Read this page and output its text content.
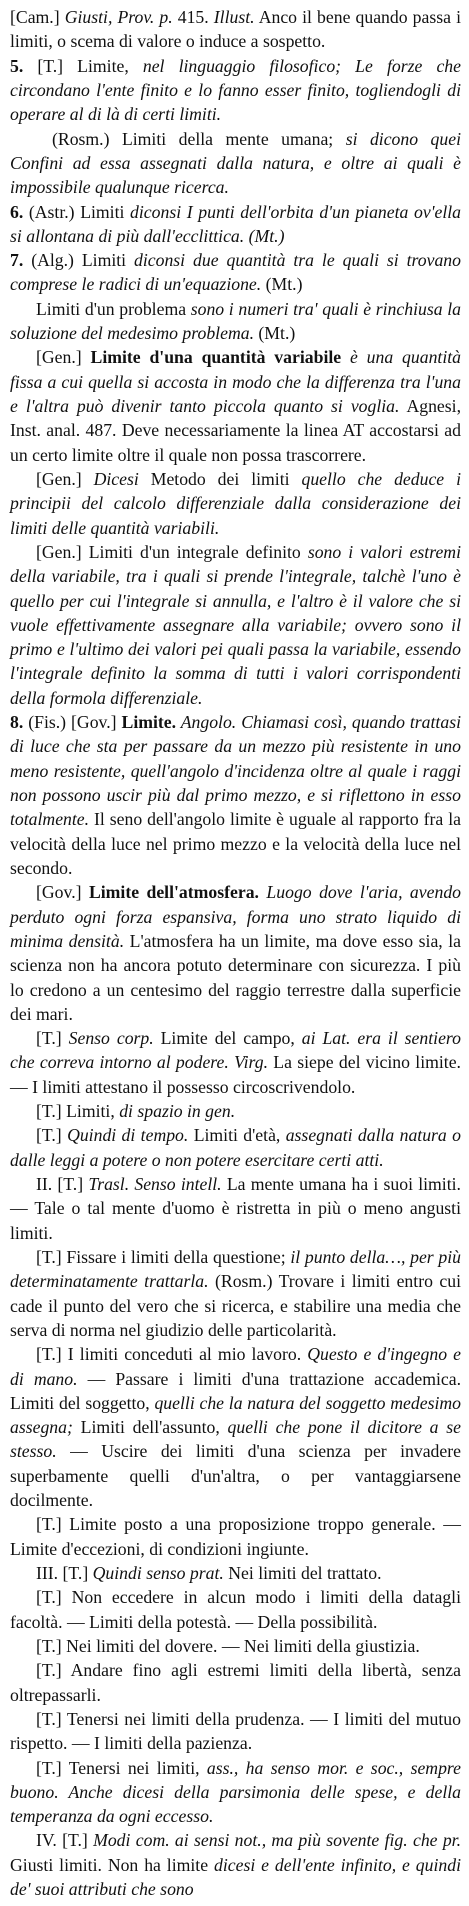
[Cam.] Giusti, Prov. p. 415. Illust. Anco il bene quando passa i limiti, o scema di valore o induce a sospetto.

5. [T.] Limite, nel linguaggio filosofico; Le forze che circondano l'ente finito e lo fanno esser finito, togliendogli di operare al di là di certi limiti.

(Rosm.) Limiti della mente umana; si dicono quei Confini ad essa assegnati dalla natura, e oltre ai quali è impossibile qualunque ricerca.

6. (Astr.) Limiti diconsi I punti dell'orbita d'un pianeta ov'ella si allontana di più dall'ecclittica. (Mt.)

7. (Alg.) Limiti diconsi due quantità tra le quali si trovano comprese le radici di un'equazione. (Mt.)

Limiti d'un problema sono i numeri tra' quali è rinchiusa la soluzione del medesimo problema. (Mt.)

[Gen.] Limite d'una quantità variabile è una quantità fissa a cui quella si accosta in modo che la differenza tra l'una e l'altra può divenir tanto piccola quanto si voglia. Agnesi, Inst. anal. 487. Deve necessariamente la linea AT accostarsi ad un certo limite oltre il quale non possa trascorrere.

[Gen.] Dicesi Metodo dei limiti quello che deduce i principii del calcolo differenziale dalla considerazione dei limiti delle quantità variabili.

[Gen.] Limiti d'un integrale definito sono i valori estremi della variabile, tra i quali si prende l'integrale, talchè l'uno è quello per cui l'integrale si annulla, e l'altro è il valore che si vuole effettivamente assegnare alla variabile; ovvero sono il primo e l'ultimo dei valori pei quali passa la variabile, essendo l'integrale definito la somma di tutti i valori corrispondenti della formola differenziale.

8. (Fis.) [Gov.] Limite. Angolo. Chiamasi così, quando trattasi di luce che sta per passare da un mezzo più resistente in uno meno resistente, quell'angolo d'incidenza oltre al quale i raggi non possono uscir più dal primo mezzo, e si riflettono in esso totalmente. Il seno dell'angolo limite è uguale al rapporto fra la velocità della luce nel primo mezzo e la velocità della luce nel secondo.

[Gov.] Limite dell'atmosfera. Luogo dove l'aria, avendo perduto ogni forza espansiva, forma uno strato liquido di minima densità. L'atmosfera ha un limite, ma dove esso sia, la scienza non ha ancora potuto determinare con sicurezza. I più lo credono a un centesimo del raggio terrestre dalla superficie dei mari.

[T.] Senso corp. Limite del campo, ai Lat. era il sentiero che correva intorno al podere. Virg. La siepe del vicino limite. — I limiti attestano il possesso circoscrivendolo.

[T.] Limiti, di spazio in gen.

[T.] Quindi di tempo. Limiti d'età, assegnati dalla natura o dalle leggi a potere o non potere esercitare certi atti.

II. [T.] Trasl. Senso intell. La mente umana ha i suoi limiti. — Tale o tal mente d'uomo è ristretta in più o meno angusti limiti.

[T.] Fissare i limiti della questione; il punto della…, per più determinatamente trattarla. (Rosm.) Trovare i limiti entro cui cade il punto del vero che si ricerca, e stabilire una media che serva di norma nel giudizio delle particolarità.

[T.] I limiti conceduti al mio lavoro. Questo e d'ingegno e di mano. — Passare i limiti d'una trattazione accademica. Limiti del soggetto, quelli che la natura del soggetto medesimo assegna; Limiti dell'assunto, quelli che pone il dicitore a se stesso. — Uscire dei limiti d'una scienza per invadere superbamente quelli d'un'altra, o per vantaggiarsene docilmente.

[T.] Limite posto a una proposizione troppo generale. — Limite d'eccezioni, di condizioni ingiunte.

III. [T.] Quindi senso prat. Nei limiti del trattato.

[T.] Non eccedere in alcun modo i limiti della datagli facoltà. — Limiti della potestà. — Della possibilità.

[T.] Nei limiti del dovere. — Nei limiti della giustizia.

[T.] Andare fino agli estremi limiti della libertà, senza oltrepassarli.

[T.] Tenersi nei limiti della prudenza. — I limiti del mutuo rispetto. — I limiti della pazienza.

[T.] Tenersi nei limiti, ass., ha senso mor. e soc., sempre buono. Anche dicesi della parsimonia delle spese, e della temperanza da ogni eccesso.

IV. [T.] Modi com. ai sensi not., ma più sovente fig. che pr. Giusti limiti. Non ha limite dicesi e dell'ente infinito, e quindi de' suoi attributi che sono
